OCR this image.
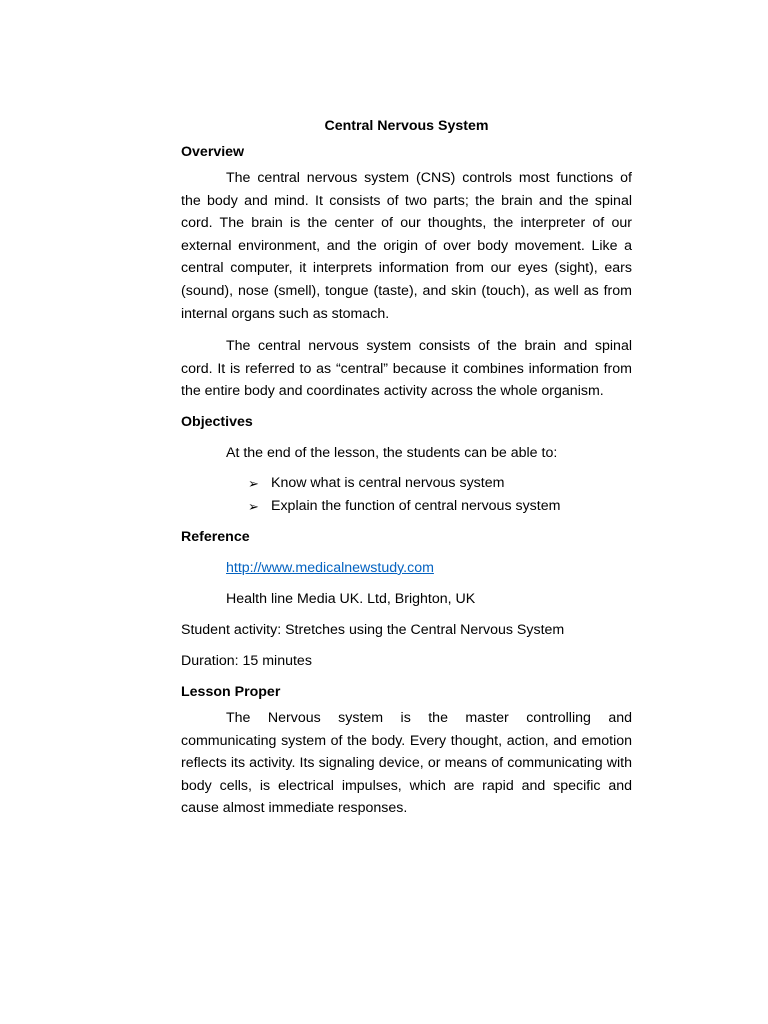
Central Nervous System

Overview

The central nervous system (CNS) controls most functions of the body and mind. It consists of two parts; the brain and the spinal cord. The brain is the center of our thoughts, the interpreter of our external environment, and the origin of over body movement. Like a central computer, it interprets information from our eyes (sight), ears (sound), nose (smell), tongue (taste), and skin (touch), as well as from internal organs such as stomach.

The central nervous system consists of the brain and spinal cord. It is referred to as “central” because it combines information from the entire body and coordinates activity across the whole organism.

Objectives

At the end of the lesson, the students can be able to:

➢ Know what is central nervous system
➢ Explain the function of central nervous system

Reference

http://www.medicalnewstudy.com

Health line Media UK. Ltd, Brighton, UK

Student activity: Stretches using the Central Nervous System

Duration: 15 minutes

Lesson Proper

The Nervous system is the master controlling and communicating system of the body. Every thought, action, and emotion reflects its activity. Its signaling device, or means of communicating with body cells, is electrical impulses, which are rapid and specific and cause almost immediate responses.
